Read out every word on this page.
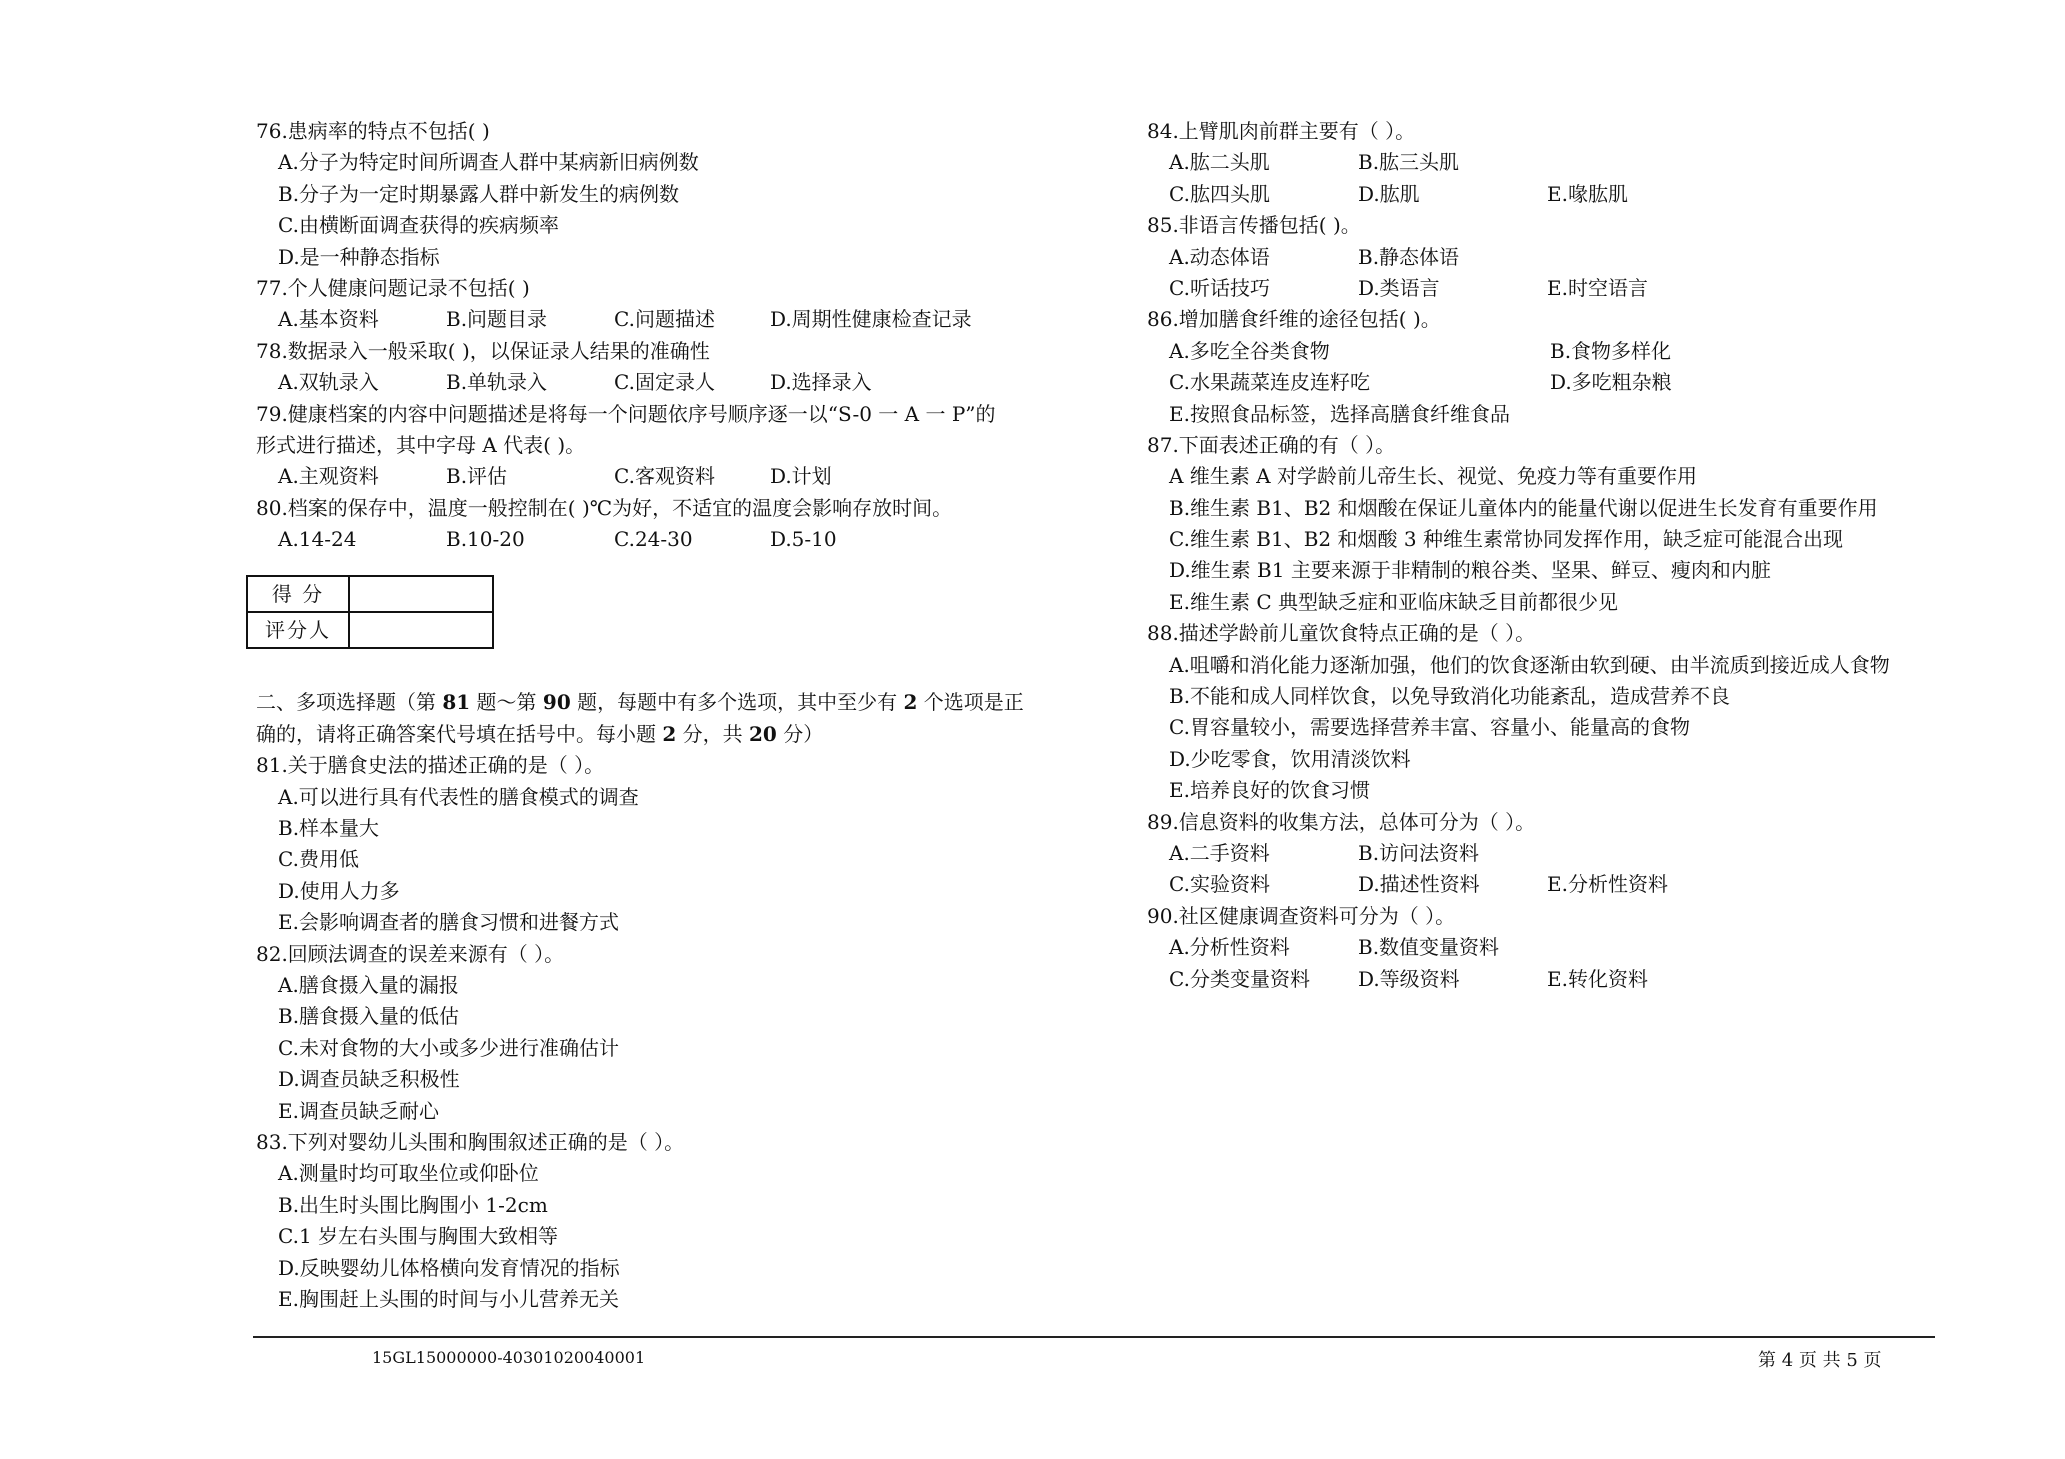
76.患病率的特点不包括( )
A.分子为特定时间所调查人群中某病新旧病例数
B.分子为一定时期暴露人群中新发生的病例数
C.由横断面调查获得的疾病频率
D.是一种静态指标
77.个人健康问题记录不包括( )
A.基本资料	B.问题目录	C.问题描述	D.周期性健康检查记录
78.数据录入一般采取( )，以保证录人结果的准确性
A.双轨录入	B.单轨录入	C.固定录人	D.选择录入
79.健康档案的内容中问题描述是将每一个问题依序号顺序逐一以“S-0 一 A 一 P”的
形式进行描述，其中字母 A 代表( )。
A.主观资料	B.评估	C.客观资料	D.计划
80.档案的保存中，温度一般控制在( )℃为好，不适宜的温度会影响存放时间。
A.14-24	B.10-20	C.24-30	D.5-10
得 分	
评分人	
二、多项选择题（第 81 题～第 90 题，每题中有多个选项，其中至少有 2 个选项是正
确的，请将正确答案代号填在括号中。每小题 2 分，共 20 分）
81.关于膳食史法的描述正确的是（ ）。
A.可以进行具有代表性的膳食模式的调查
B.样本量大
C.费用低
D.使用人力多
E.会影响调查者的膳食习惯和进餐方式
82.回顾法调查的误差来源有（ ）。
A.膳食摄入量的漏报
B.膳食摄入量的低估
C.未对食物的大小或多少进行准确估计
D.调查员缺乏积极性
E.调查员缺乏耐心
83.下列对婴幼儿头围和胸围叙述正确的是（ ）。
A.测量时均可取坐位或仰卧位
B.出生时头围比胸围小 1-2cm
C.1 岁左右头围与胸围大致相等
D.反映婴幼儿体格横向发育情况的指标
E.胸围赶上头围的时间与小儿营养无关
84.上臂肌肉前群主要有（ ）。
A.肱二头肌	B.肱三头肌
C.肱四头肌	D.肱肌	E.喙肱肌
85.非语言传播包括( )。
A.动态体语	B.静态体语
C.听话技巧	D.类语言	E.时空语言
86.增加膳食纤维的途径包括( )。
A.多吃全谷类食物	B.食物多样化
C.水果蔬菜连皮连籽吃	D.多吃粗杂粮
E.按照食品标签，选择高膳食纤维食品
87.下面表述正确的有（ ）。
A 维生素 A 对学龄前儿帝生长、视觉、免疫力等有重要作用
B.维生素 B1、B2 和烟酸在保证儿童体内的能量代谢以促进生长发育有重要作用
C.维生素 B1、B2 和烟酸 3 种维生素常协同发挥作用，缺乏症可能混合出现
D.维生素 B1 主要来源于非精制的粮谷类、坚果、鲜豆、瘦肉和内脏
E.维生素 C 典型缺乏症和亚临床缺乏目前都很少见
88.描述学龄前儿童饮食特点正确的是（ ）。
A.咀嚼和消化能力逐渐加强，他们的饮食逐渐由软到硬、由半流质到接近成人食物
B.不能和成人同样饮食，以免导致消化功能紊乱，造成营养不良
C.胃容量较小，需要选择营养丰富、容量小、能量高的食物
D.少吃零食，饮用清淡饮料
E.培养良好的饮食习惯
89.信息资料的收集方法，总体可分为（ ）。
A.二手资料	B.访问法资料
C.实验资料	D.描述性资料	E.分析性资料
90.社区健康调查资料可分为（ ）。
A.分析性资料	B.数值变量资料
C.分类变量资料	D.等级资料	E.转化资料
15GL15000000-40301020040001	第 4 页 共 5 页
